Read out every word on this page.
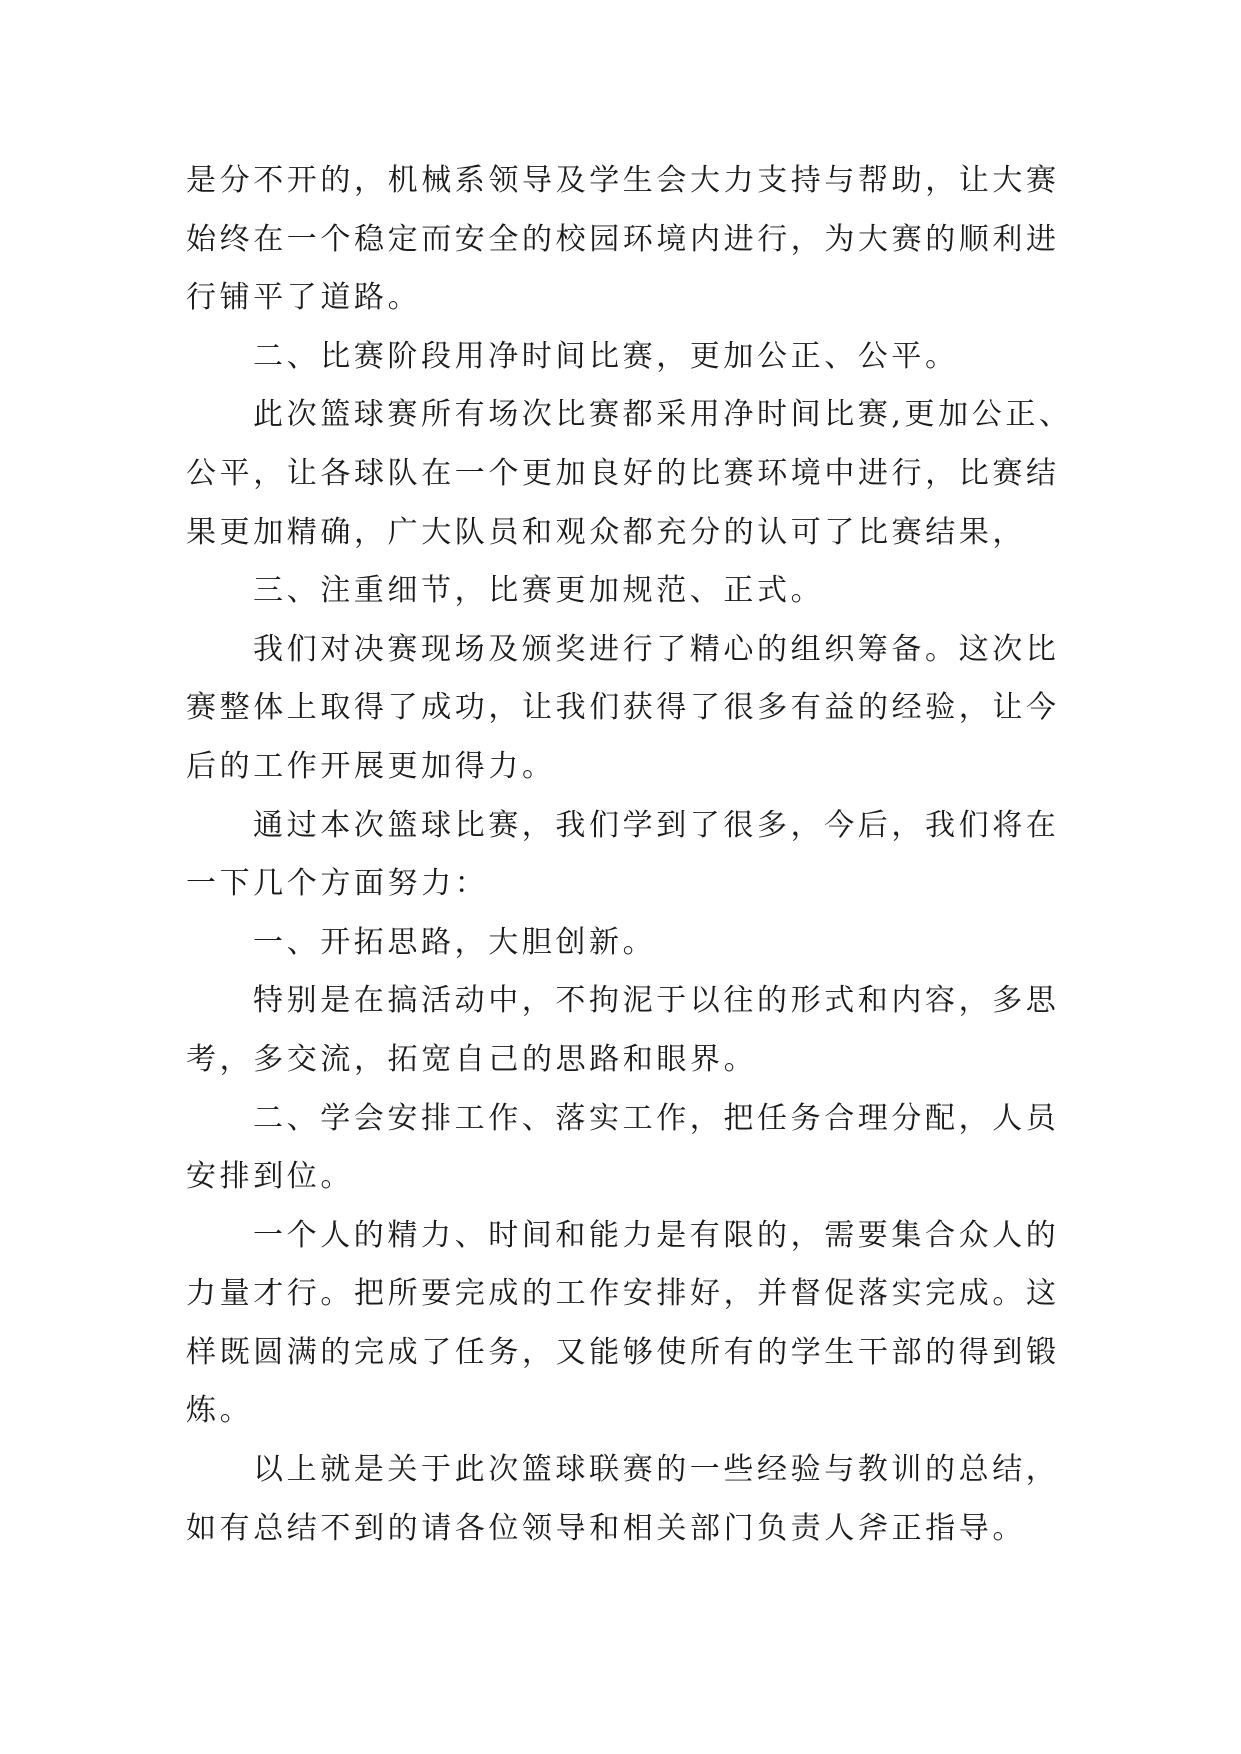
是分不开的，机械系领导及学生会大力支持与帮助，让大赛
始终在一个稳定而安全的校园环境内进行，为大赛的顺利进
行铺平了道路。
二、比赛阶段用净时间比赛，更加公正、公平。
此次篮球赛所有场次比赛都采用净时间比赛,更加公正、
公平，让各球队在一个更加良好的比赛环境中进行，比赛结
果更加精确，广大队员和观众都充分的认可了比赛结果，
三、注重细节，比赛更加规范、正式。
我们对决赛现场及颁奖进行了精心的组织筹备。这次比
赛整体上取得了成功，让我们获得了很多有益的经验，让今
后的工作开展更加得力。
通过本次篮球比赛，我们学到了很多，今后，我们将在
一下几个方面努力：
一、开拓思路，大胆创新。
特别是在搞活动中，不拘泥于以往的形式和内容，多思
考，多交流，拓宽自己的思路和眼界。
二、学会安排工作、落实工作，把任务合理分配，人员
安排到位。
一个人的精力、时间和能力是有限的，需要集合众人的
力量才行。把所要完成的工作安排好，并督促落实完成。这
样既圆满的完成了任务，又能够使所有的学生干部的得到锻
炼。
以上就是关于此次篮球联赛的一些经验与教训的总结，
如有总结不到的请各位领导和相关部门负责人斧正指导。
